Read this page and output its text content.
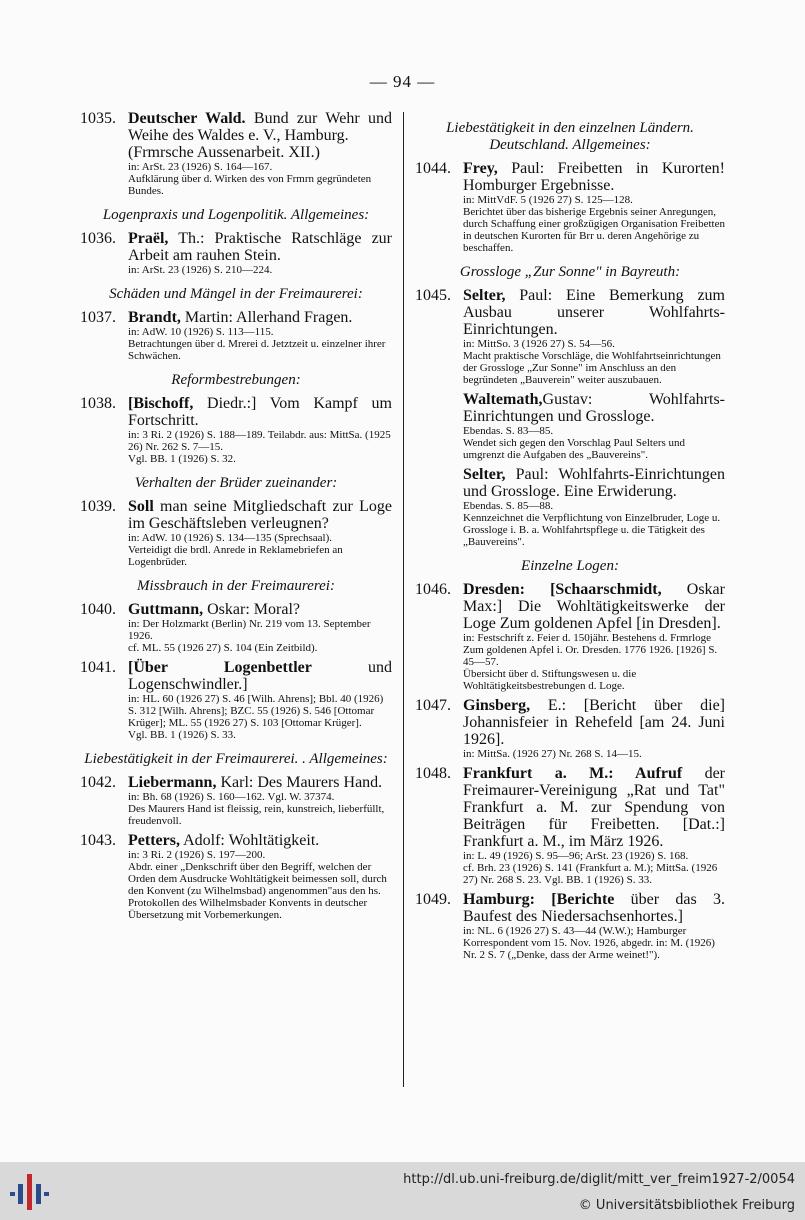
— 94 —
1035. Deutscher Wald. Bund zur Wehr und Weihe des Waldes e. V., Hamburg.
(Frmrsche Aussenarbeit. XII.)
in: ArSt. 23 (1926) S. 164—167.
Aufklärung über d. Wirken des von Frmrn gegründeten Bundes.
Logenpraxis und Logenpolitik. Allgemeines:
1036. Praël, Th.: Praktische Ratschläge zur Arbeit am rauhen Stein.
in: ArSt. 23 (1926) S. 210—224.
Schäden und Mängel in der Freimaurerei:
1037. Brandt, Martin: Allerhand Fragen.
in: AdW. 10 (1926) S. 113—115.
Betrachtungen über d. Mrerei d. Jetztzeit u. einzelner ihrer Schwächen.
Reformbestrebungen:
1038. [Bischoff, Diedr.:] Vom Kampf um Fortschritt.
in: 3 Ri. 2 (1926) S. 188—189. Teilabdr. aus: MittSa. (1925 26) Nr. 262 S. 7—15.
Vgl. BB. 1 (1926) S. 32.
Verhalten der Brüder zueinander:
1039. Soll man seine Mitgliedschaft zur Loge im Geschäftsleben verleugnen?
in: AdW. 10 (1926) S. 134—135 (Sprechsaal).
Verteidigt die brdl. Anrede in Reklamebriefen an Logenbrüder.
Missbrauch in der Freimaurerei:
1040. Guttmann, Oskar: Moral?
in: Der Holzmarkt (Berlin) Nr. 219 vom 13. September 1926.
cf. ML. 55 (1926 27) S. 104 (Ein Zeitbild).
1041. [Über Logenbettler und Logenschwindler.]
in: HL. 60 (1926 27) S. 46 [Wilh. Ahrens]; Bbl. 40 (1926) S. 312 [Wilh. Ahrens]; BZC. 55 (1926) S. 546 [Ottomar Krüger]; ML. 55 (1926 27) S. 103 [Ottomar Krüger].
Vgl. BB. 1 (1926) S. 33.
Liebestätigkeit in der Freimaurerei. . Allgemeines:
1042. Liebermann, Karl: Des Maurers Hand.
in: Bh. 68 (1926) S. 160—162. Vgl. W. 37374.
Des Maurers Hand ist fleissig, rein, kunstreich, lieberfüllt, freudenvoll.
1043. Petters, Adolf: Wohltätigkeit.
in: 3 Ri. 2 (1926) S. 197—200.
Abdr. einer „Denkschrift über den Begriff, welchen der Orden dem Ausdrucke Wohltätigkeit beimessen soll, durch den Konvent (zu Wilhelmsbad) angenommen"aus den hs. Protokollen des Wilhelmsbader Konvents in deutscher Übersetzung mit Vorbemerkungen.
Liebestätigkeit in den einzelnen Ländern. Deutschland. Allgemeines:
1044. Frey, Paul: Freibetten in Kurorten! Homburger Ergebnisse.
in: MittVdF. 5 (1926 27) S. 125—128.
Berichtet über das bisherige Ergebnis seiner Anregungen, durch Schaffung einer großzügigen Organisation Freibetten in deutschen Kurorten für Brr u. deren Angehörige zu beschaffen.
Grossloge „Zur Sonne" in Bayreuth:
1045. Selter, Paul: Eine Bemerkung zum Ausbau unserer Wohlfahrts-Einrichtungen.
in: MittSo. 3 (1926 27) S. 54—56.
Macht praktische Vorschläge, die Wohlfahrtseinrichtungen der Grossloge „Zur Sonne" im Anschluss an den begründeten „Bauverein" weiter auszubauen.
Waltemath,Gustav: Wohlfahrts-Einrichtungen und Grossloge.
Ebendas. S. 83—85.
Wendet sich gegen den Vorschlag Paul Selters und umgrenzt die Aufgaben des „Bauvereins".
Selter, Paul: Wohlfahrts-Einrichtungen und Grossloge. Eine Erwiderung.
Ebendas. S. 85—88.
Kennzeichnet die Verpflichtung von Einzelbruder, Loge u. Grossloge i. B. a. Wohlfahrtspflege u. die Tätigkeit des „Bauvereins".
Einzelne Logen:
1046. Dresden: [Schaarschmidt, Oskar Max:] Die Wohltätigkeitswerke der Loge Zum goldenen Apfel [in Dresden].
in: Festschrift z. Feier d. 150jähr. Bestehens d. Frmrloge Zum goldenen Apfel i. Or. Dresden. 1776 1926. [1926] S. 45—57.
Übersicht über d. Stiftungswesen u. die Wohltätigkeitsbestrebungen d. Loge.
1047. Ginsberg, E.: [Bericht über die] Johannisfeier in Rehefeld [am 24. Juni 1926].
in: MittSa. (1926 27) Nr. 268 S. 14—15.
1048. Frankfurt a. M.: Aufruf der Freimaurer-Vereinigung „Rat und Tat" Frankfurt a. M. zur Spendung von Beiträgen für Freibetten. [Dat.:] Frankfurt a. M., im März 1926.
in: L. 49 (1926) S. 95—96; ArSt. 23 (1926) S. 168.
cf. Brh. 23 (1926) S. 141 (Frankfurt a. M.); MittSa. (1926 27) Nr. 268 S. 23. Vgl. BB. 1 (1926) S. 33.
1049. Hamburg: [Berichte über das 3. Baufest des Niedersachsenhortes.]
in: NL. 6 (1926 27) S. 43—44 (W.W.); Hamburger Korrespondent vom 15. Nov. 1926, abgedr. in: M. (1926) Nr. 2 S. 7 („Denke, dass der Arme weinet!").
http://dl.ub.uni-freiburg.de/diglit/mitt_ver_freim1927-2/0054
© Universitätsbibliothek Freiburg
